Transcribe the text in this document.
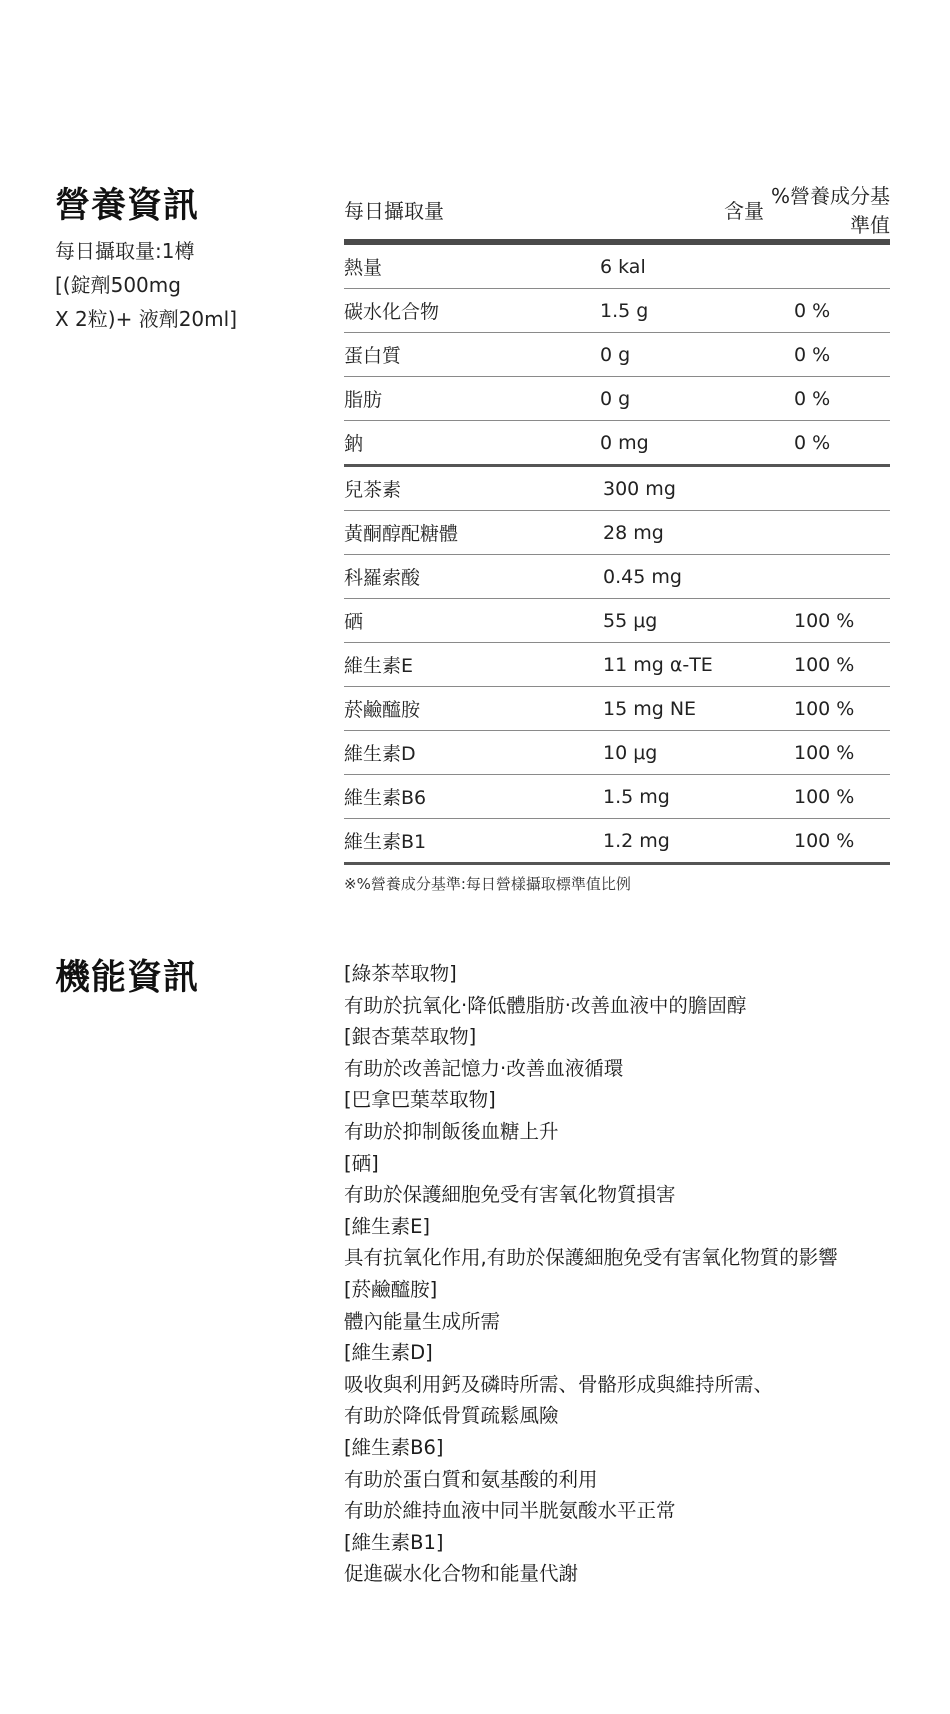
營養資訊
每日攝取量:1樽
[(錠劑500mg
X 2粒)+ 液劑20ml]
每日攝取量	含量
%營養成分基準值
熱量	6 kal
碳水化合物	1.5 g	0 %
蛋白質	0 g	0 %
脂肪	0 g	0 %
鈉	0 mg	0 %
兒茶素	300 mg
黃酮醇配糖體	28 mg
科羅索酸	0.45 mg
硒	55 μg	100 %
維生素E	11 mg α-TE	100 %
菸鹼醯胺	15 mg NE	100 %
維生素D	10 μg	100 %
維生素B6	1.5 mg	100 %
維生素B1	1.2 mg	100 %
※%營養成分基準:每日營樣攝取標準值比例
機能資訊	[綠茶萃取物]
有助於抗氧化‧降低體脂肪‧改善血液中的膽固醇
[銀杏葉萃取物]
有助於改善記憶力‧改善血液循環
[巴拿巴葉萃取物]
有助於抑制飯後血糖上升
[硒]
有助於保護細胞免受有害氧化物質損害
[維生素E]
具有抗氧化作用,有助於保護細胞免受有害氧化物質的影響
[菸鹼醯胺]
體內能量生成所需
[維生素D]
吸收與利用鈣及磷時所需、骨骼形成與維持所需、
有助於降低骨質疏鬆風險
[維生素B6]
有助於蛋白質和氨基酸的利用
有助於維持血液中同半胱氨酸水平正常
[維生素B1]
促進碳水化合物和能量代謝
